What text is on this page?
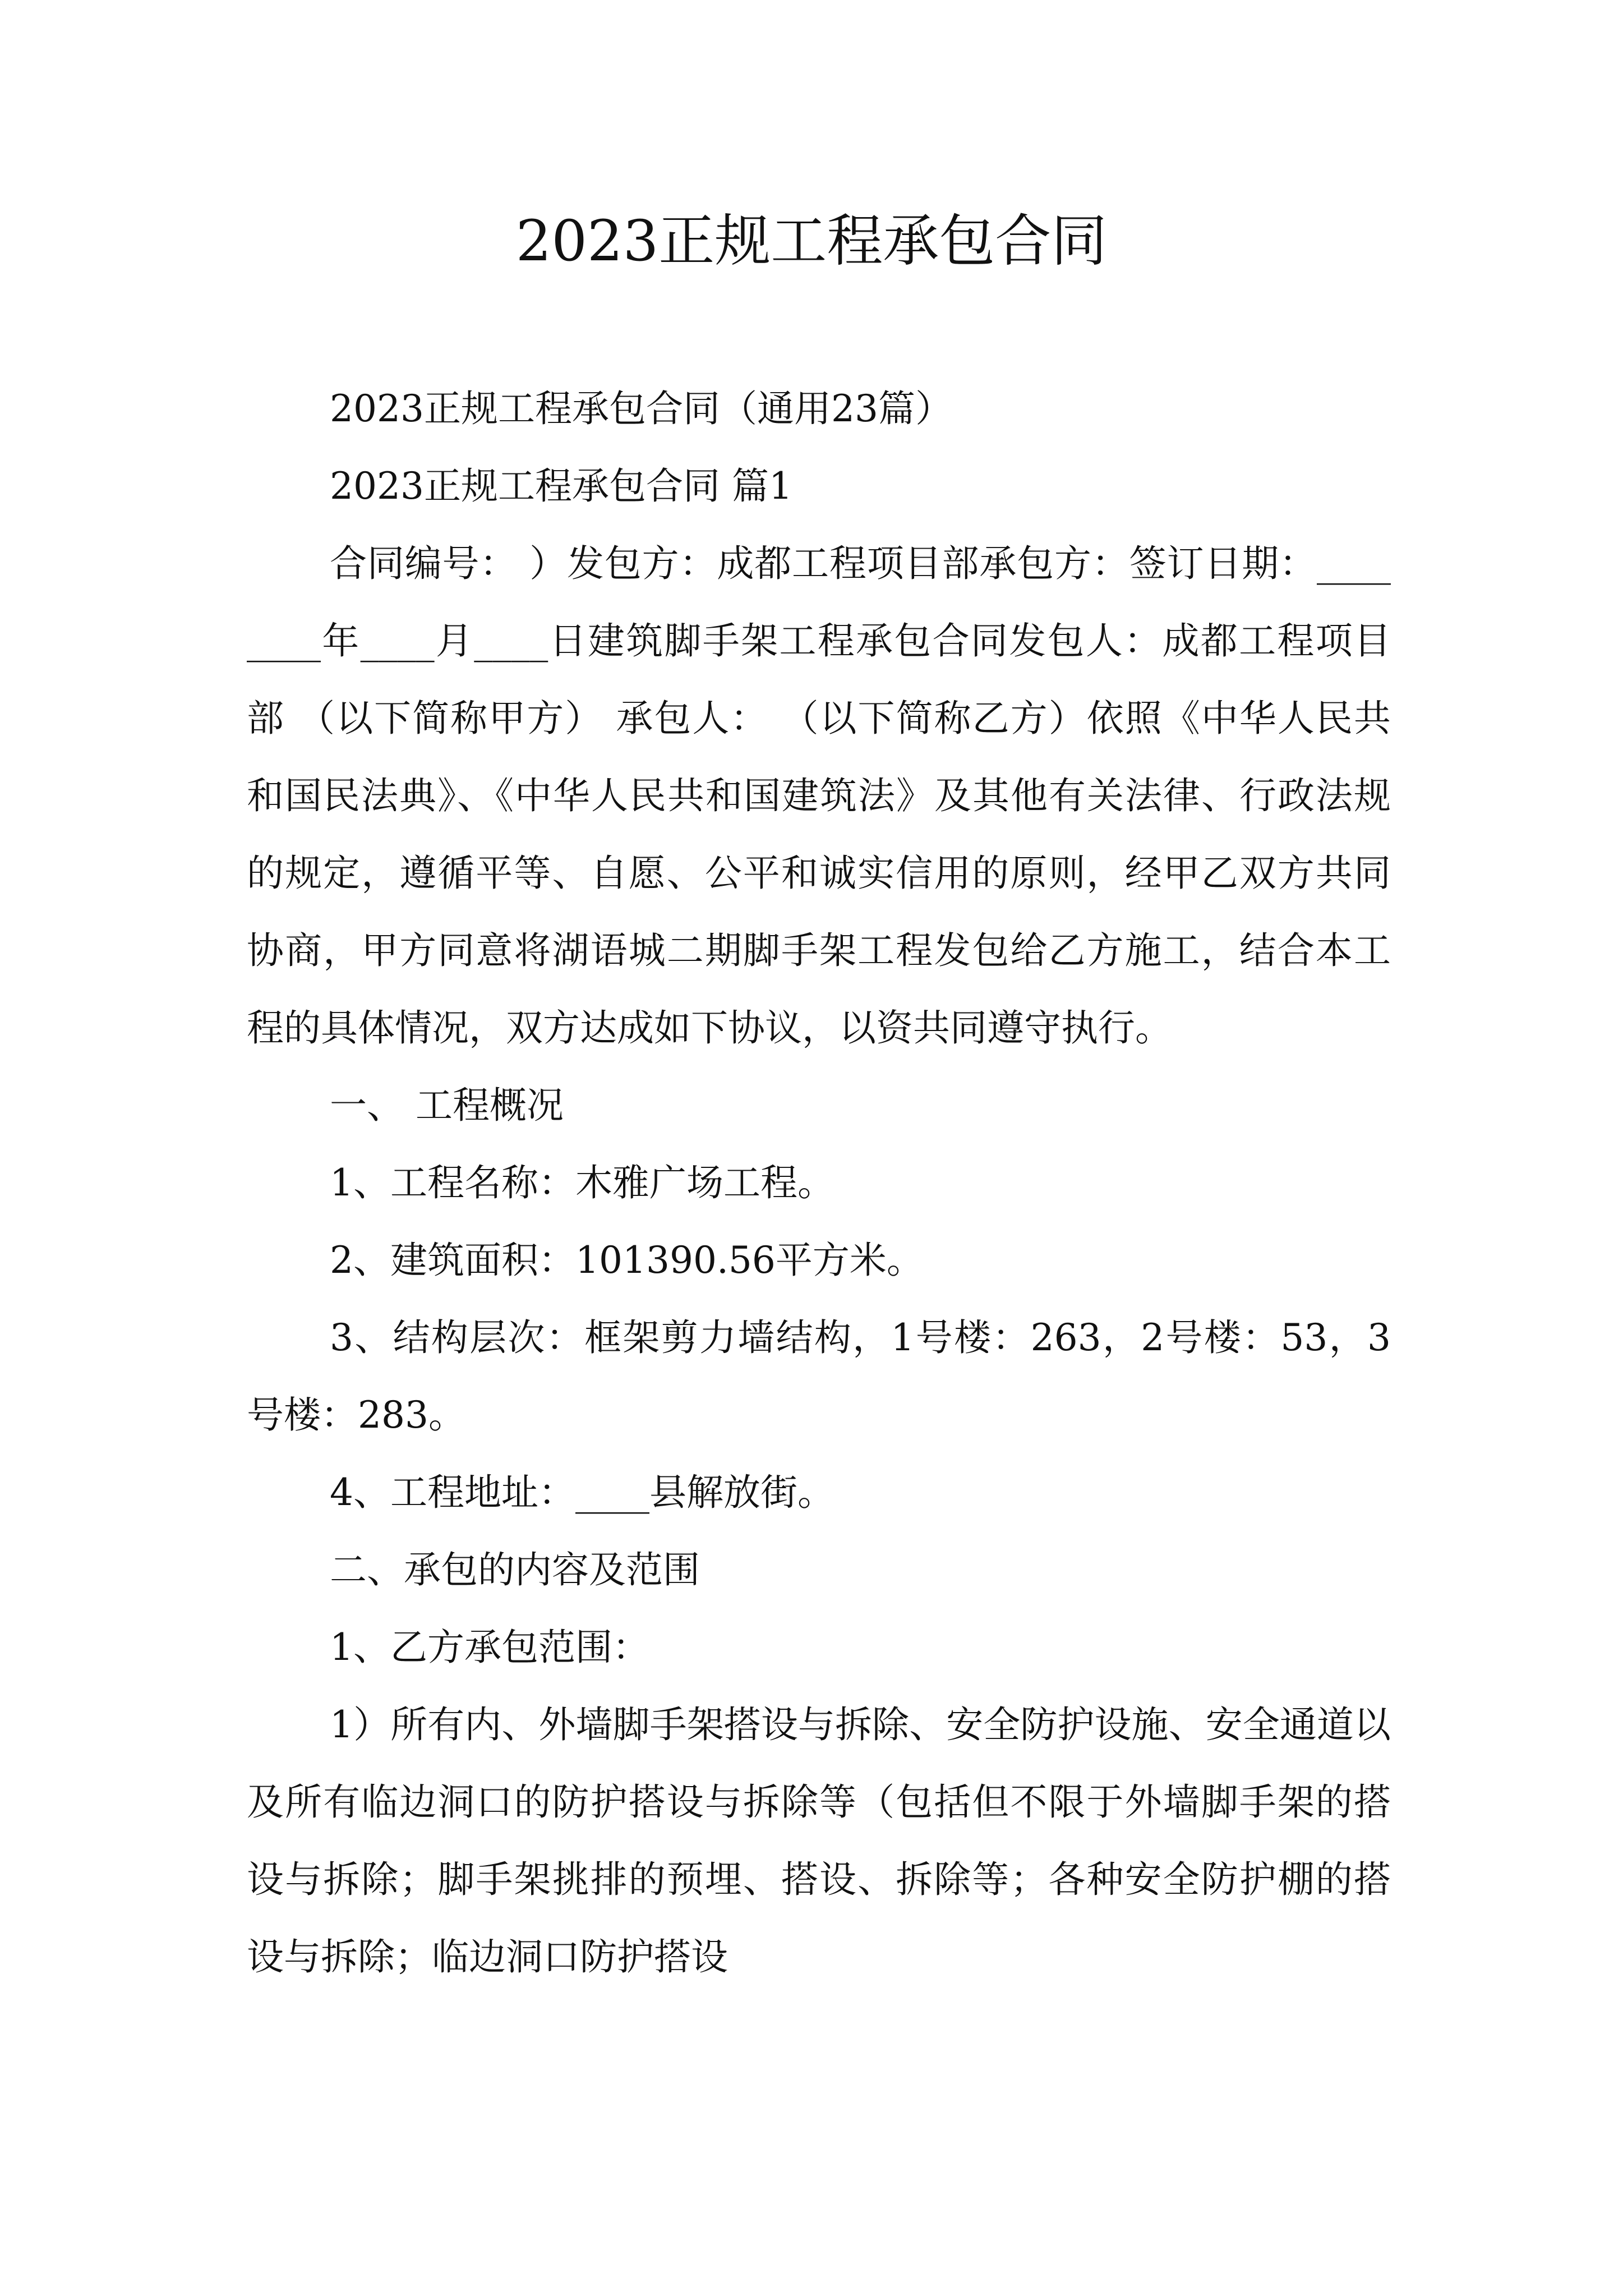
2023正规工程承包合同

2023正规工程承包合同（通用23篇）

2023正规工程承包合同 篇1

合同编号： ）发包方：成都工程项目部承包方：签订日期：________年____月____日建筑脚手架工程承包合同发包人：成都工程项目部 （以下简称甲方） 承包人： （以下简称乙方）依照《中华人民共和国民法典》、《中华人民共和国建筑法》及其他有关法律、行政法规的规定，遵循平等、自愿、公平和诚实信用的原则，经甲乙双方共同协商，甲方同意将湖语城二期脚手架工程发包给乙方施工，结合本工程的具体情况，双方达成如下协议，以资共同遵守执行。

一、 工程概况

1、工程名称：木雅广场工程。

2、建筑面积：101390.56平方米。

3、结构层次：框架剪力墙结构，1号楼：263，2号楼：53，3号楼：283。

4、工程地址：____县解放街。

二、承包的内容及范围

1、乙方承包范围：

1）所有内、外墙脚手架搭设与拆除、安全防护设施、安全通道以及所有临边洞口的防护搭设与拆除等（包括但不限于外墙脚手架的搭设与拆除；脚手架挑排的预埋、搭设、拆除等；各种安全防护棚的搭设与拆除；临边洞口防护搭设
